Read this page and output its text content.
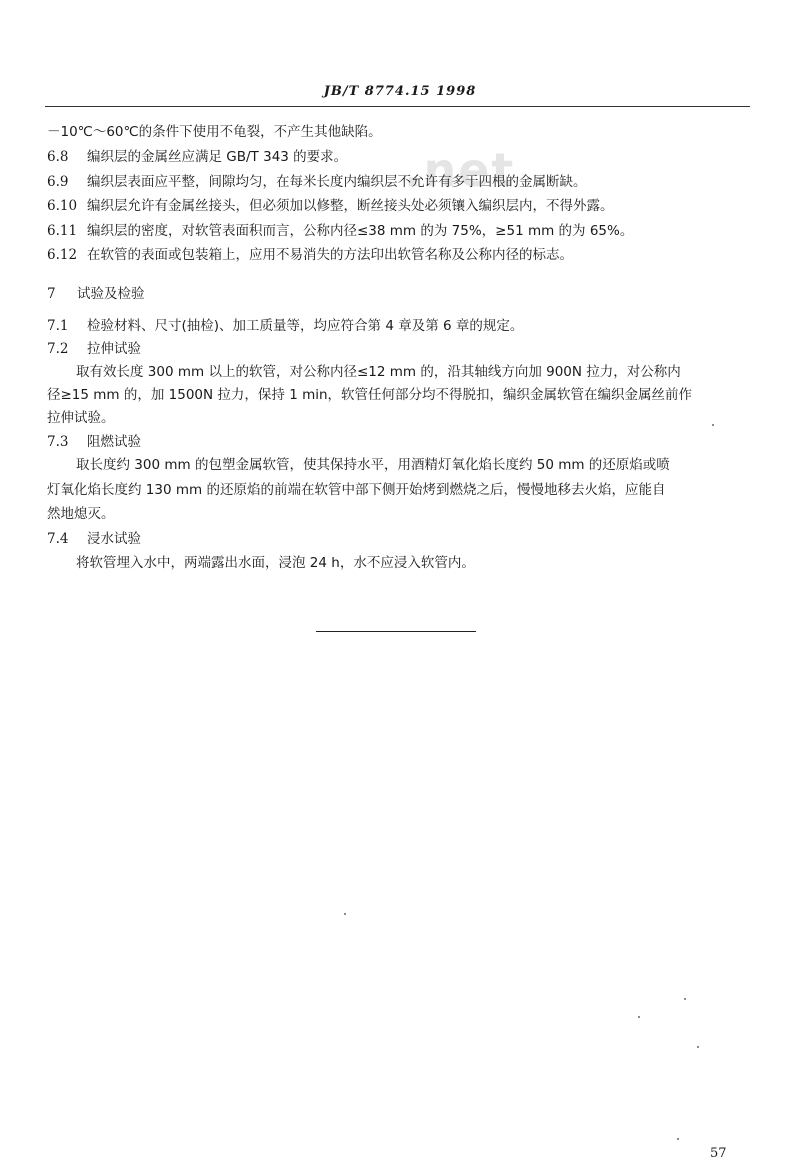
JB/T 8774.15 1998
.net
－10℃～60℃的条件下使用不龟裂，不产生其他缺陷。
6.8 编织层的金属丝应满足 GB/T 343 的要求。
6.9 编织层表面应平整，间隙均匀，在每米长度内编织层不允许有多于四根的金属断缺。
6.10 编织层允许有金属丝接头，但必须加以修整，断丝接头处必须镶入编织层内，不得外露。
6.11 编织层的密度，对软管表面积而言，公称内径≤38 mm 的为 75%，≥51 mm 的为 65%。
6.12 在软管的表面或包装箱上，应用不易消失的方法印出软管名称及公称内径的标志。
7 试验及检验
7.1 检验材料、尺寸(抽检)、加工质量等，均应符合第 4 章及第 6 章的规定。
7.2 拉伸试验
取有效长度 300 mm 以上的软管，对公称内径≤12 mm 的，沿其轴线方向加 900N 拉力，对公称内
径≥15 mm 的，加 1500N 拉力，保持 1 min，软管任何部分均不得脱扣，编织金属软管在编织金属丝前作
拉伸试验。
7.3 阻燃试验
取长度约 300 mm 的包塑金属软管，使其保持水平，用酒精灯氧化焰长度约 50 mm 的还原焰或喷
灯氧化焰长度约 130 mm 的还原焰的前端在软管中部下侧开始烤到燃烧之后，慢慢地移去火焰，应能自
然地熄灭。
7.4 浸水试验
将软管埋入水中，两端露出水面，浸泡 24 h，水不应浸入软管内。
57
